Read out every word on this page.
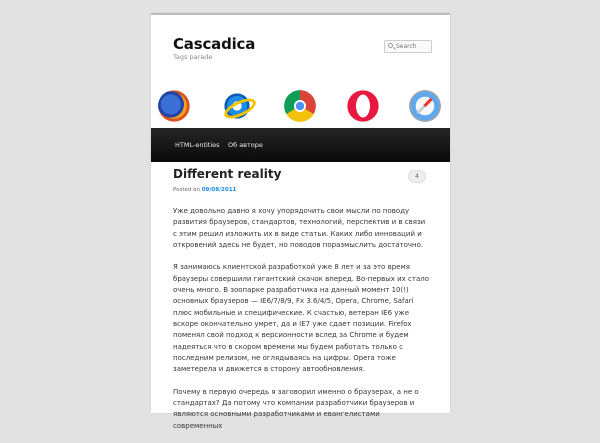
Cascadica
Tags parade
Search
HTML-entities Об авторе
Different reality	4
Posted on 09/08/2011

Уже довольно давно я хочу упорядочить свои мысли по поводу развития браузеров, стандартов, технологий, перспектив и в связи с этим решил изложить их в виде статьи. Каких либо инноваций и откровений здесь не будет, но поводов поразмыслить достаточно.

Я занимаюсь клиентской разработкой уже 8 лет и за это время браузеры совершили гигантский скачок вперед. Во-первых их стало очень много. В зоопарке разработчика на данный момент 10(!) основных браузеров — IE6/7/8/9, Fx 3.6/4/5, Opera, Chrome, Safari плюс мобильные и специфические. К счастью, ветеран IE6 уже вскоре окончательно умрет, да и IE7 уже сдает позиции. Firefox поменял свой подход к версионности вслед за Chrome и будем надеяться что в скором времени мы будем работать только с последним релизом, не оглядываясь на цифры. Opera тоже заметерела и движется в сторону автообновления.

Почему в первую очередь я заговорил именно о браузерах, а не о стандартах? Да потому что компании разработчики браузеров и являются основными разработчиками и евангелистами современных
